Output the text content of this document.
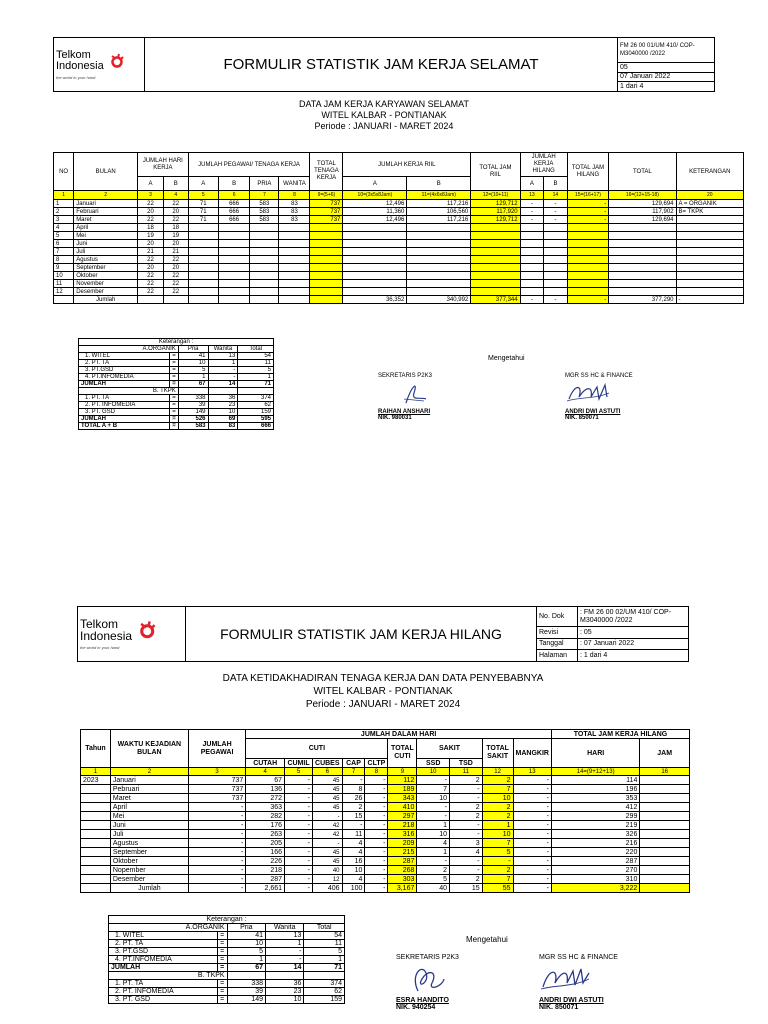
Telkom
Indonesia
the world in your hand
	FORMULIR STATISTIK JAM KERJA SELAMAT	FM 26 00 01/UM 410/ COP-M3040000 /2022
05
07 Januari 2022
1 dari 4
DATA JAM KERJA KARYAWAN SELAMAT
WITEL KALBAR - PONTIANAK
Periode : JANUARI - MARET 2024
NO	BULAN	JUMLAH HARI KERJA		JUMLAH PEGAWAI/ TENAGA KERJA				TOTAL TENAGA KERJA	JUMLAH KERJA RIIL		TOTAL JAM RIIL	JUMLAH KERJA HILANG		TOTAL JAM HILANG	TOTAL	KETERANGAN
		A	B	A	B	PRIA	WANITA		A	B		A	B			
1	2	3	4	5	6	7	8	9=(5+6)	10=(3x5x8Jam)	11=(4x6x8Jam)	12=(10+11)	13	14	15=(16+17)	16=(12+15-18)	20
1	Januari	22	22	71	666	583	83	737	12,496	117,216	129,712	-	-	-	129,694	A = ORGANIK
2	Februari	20	20	71	666	583	83	737	11,360	106,560	117,920	-	-	-	117,902	B= TKPK
3	Maret	22	22	71	666	583	83	737	12,496	117,216	129,712	-	-	-	129,694	
4	April	18	18													
5	Mei	19	19													
6	Juni	20	20													
7	Juli	21	21													
8	Agustus	22	22													
9	September	20	20													
10	Oktober	22	22													
11	November	22	22													
12	Desember	22	22													
	Jumlah								36,352	340,992	377,344	-	-	-	377,290	-
Keterangan :				
A.ORGANIK		Pria	Wanita	Total
1. WITEL	=	41	13	54
2. PT. TA	=	10	1	11
3. PT.GSD	=	5	-	5
4. PT.INFOMEDIA	=	1	-	1
JUMLAH	=	67	14	71
B. TKPK				
1. PT. TA	=	338	36	374
2. PT. INFOMEDIA	=	39	23	62
3. PT. GSD	=	149	10	159
JUMLAH	=	526	69	595
TOTAL A + B	=	583	83	666
Mengetahui
SEKRETARIS P2K3
RAIHAN ANSHARI
NIK. 980031
MGR SS HC & FINANCE
ANDRI DWI ASTUTI
NIK. 850071
Telkom
Indonesia
the world in your hand	FORMULIR STATISTIK JAM KERJA HILANG	No. Dok	: FM 26 00 02/UM 410/ COP-M3040000 /2022
		Revisi	: 05
		Tanggal	: 07 Januari 2022
		Halaman	: 1 dari 4
DATA KETIDAKHADIRAN TENAGA KERJA DAN DATA PENYEBABNYA
WITEL KALBAR - PONTIANAK
Periode : JANUARI - MARET 2024
Tahun	WAKTU KEJADIAN BULAN	JUMLAH PEGAWAI	JUMLAH DALAM HARI										TOTAL JAM KERJA HILANG	
			CUTI					TOTAL CUTI	SAKIT		TOTAL SAKIT	MANGKIR	HARI	JAM
			CUTAH	CUMIL	CUBES	CAP	CLTP		SSD	TSD				
1	2	3	4	5	6	7	8	9	10	11	12	13	14=(9+12+13)	16
2023	Januari	737	67	-	45	-	-	112	-	2	2	-	114	
	Pebruari	737	136	-	45	8	-	189	7	-	7	-	196	
	Maret	737	272	-	45	26	-	343	10	-	10	-	353	
	April	-	363	-	45	2	-	410	-	2	2	-	412	
	Mei	-	282	-	-	15	-	297	-	2	2	-	299	
	Juni	-	176	-	42	-	-	218	1	-	1	-	219	
	Juli	-	263	-	42	11	-	316	10	-	10	-	326	
	Agustus	-	205	-	-	4	-	209	4	3	7	-	216	
	September	-	166	-	45	4	-	215	1	4	5	-	220	
	Oktober	-	226	-	45	16	-	287	-	-	-	-	287	
	Nopember	-	218	-	40	10	-	268	2	-	2	-	270	
	Desember	-	287	-	12	4	-	303	5	2	7	-	310	
	Jumlah	-	2,661	-	406	100	-	3,167	40	15	55	-	3,222	
Keterangan :				
A.ORGANIK		Pria	Wanita	Total
1. WITEL	=	41	13	54
2. PT. TA	=	10	1	11
3. PT.GSD	=	5	-	5
4. PT.INFOMEDIA	=	1	-	1
JUMLAH	=	67	14	71
B. TKPK				
1. PT. TA	=	338	36	374
2. PT. INFOMEDIA	=	39	23	62
3. PT. GSD	=	149	10	159
Mengetahui
SEKRETARIS P2K3
ESRA HANDITO
NIK. 940254
MGR SS HC & FINANCE
ANDRI DWI ASTUTI
NIK. 850071
